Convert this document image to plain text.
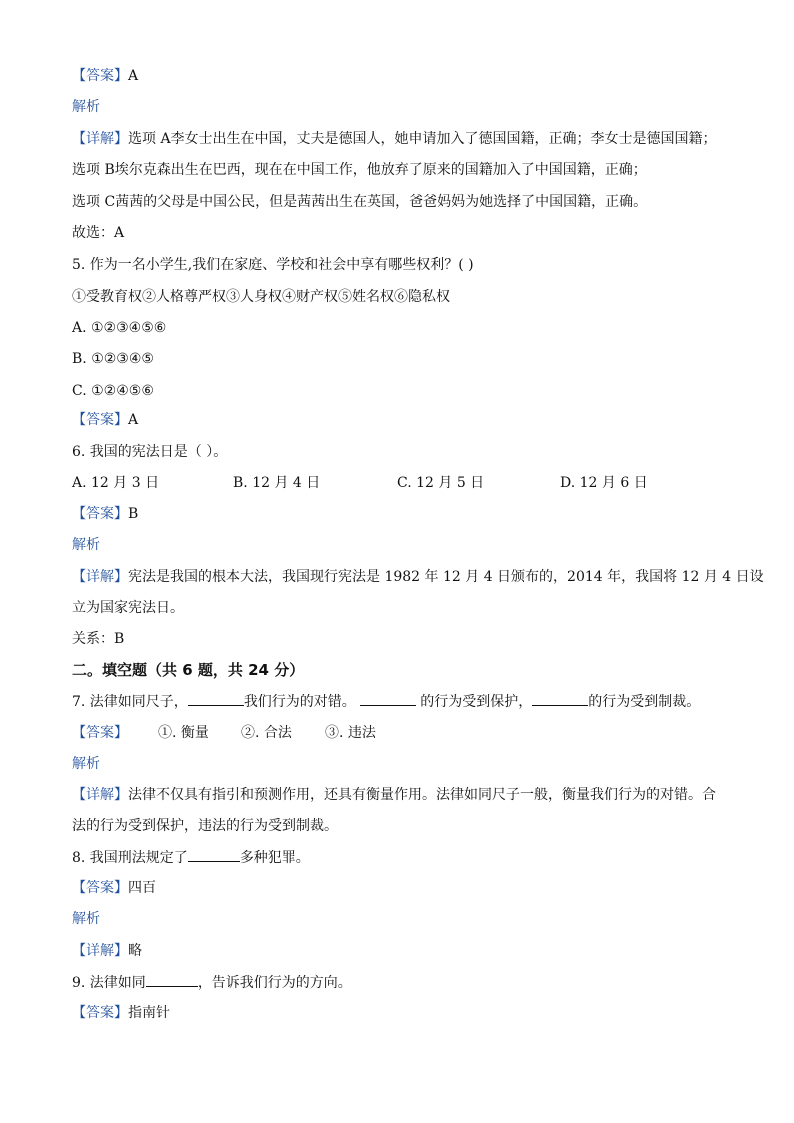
【答案】A
解析
【详解】选项 A李女士出生在中国，丈夫是德国人，她申请加入了德国国籍，正确；李女士是德国国籍；
选项 B埃尔克森出生在巴西，现在在中国工作，他放弃了原来的国籍加入了中国国籍，正确；
选项 C茜茜的父母是中国公民，但是茜茜出生在英国，爸爸妈妈为她选择了中国国籍，正确。
故选：A
5. 作为一名小学生,我们在家庭、学校和社会中享有哪些权利？( )
①受教育权②人格尊严权③人身权④财产权⑤姓名权⑥隐私权
A. ①②③④⑤⑥
B. ①②③④⑤
C. ①②④⑤⑥
【答案】A
6. 我国的宪法日是（ ）。
A. 12 月 3 日	B. 12 月 4 日	C. 12 月 5 日	D. 12 月 6 日
【答案】B
解析
【详解】宪法是我国的根本大法，我国现行宪法是 1982 年 12 月 4 日颁布的，2014 年，我国将 12 月 4 日设
立为国家宪法日。
关系：B
二。填空题（共 6 题，共 24 分）
7. 法律如同尺子，	我们行为的对错。	的行为受到保护，	的行为受到制裁。
【答案】 ①. 衡量 ②. 合法 ③. 违法
解析
【详解】法律不仅具有指引和预测作用，还具有衡量作用。法律如同尺子一般，衡量我们行为的对错。合
法的行为受到保护，违法的行为受到制裁。
8. 我国刑法规定了	多种犯罪。
【答案】四百
解析
【详解】略
9. 法律如同	，告诉我们行为的方向。
【答案】指南针
